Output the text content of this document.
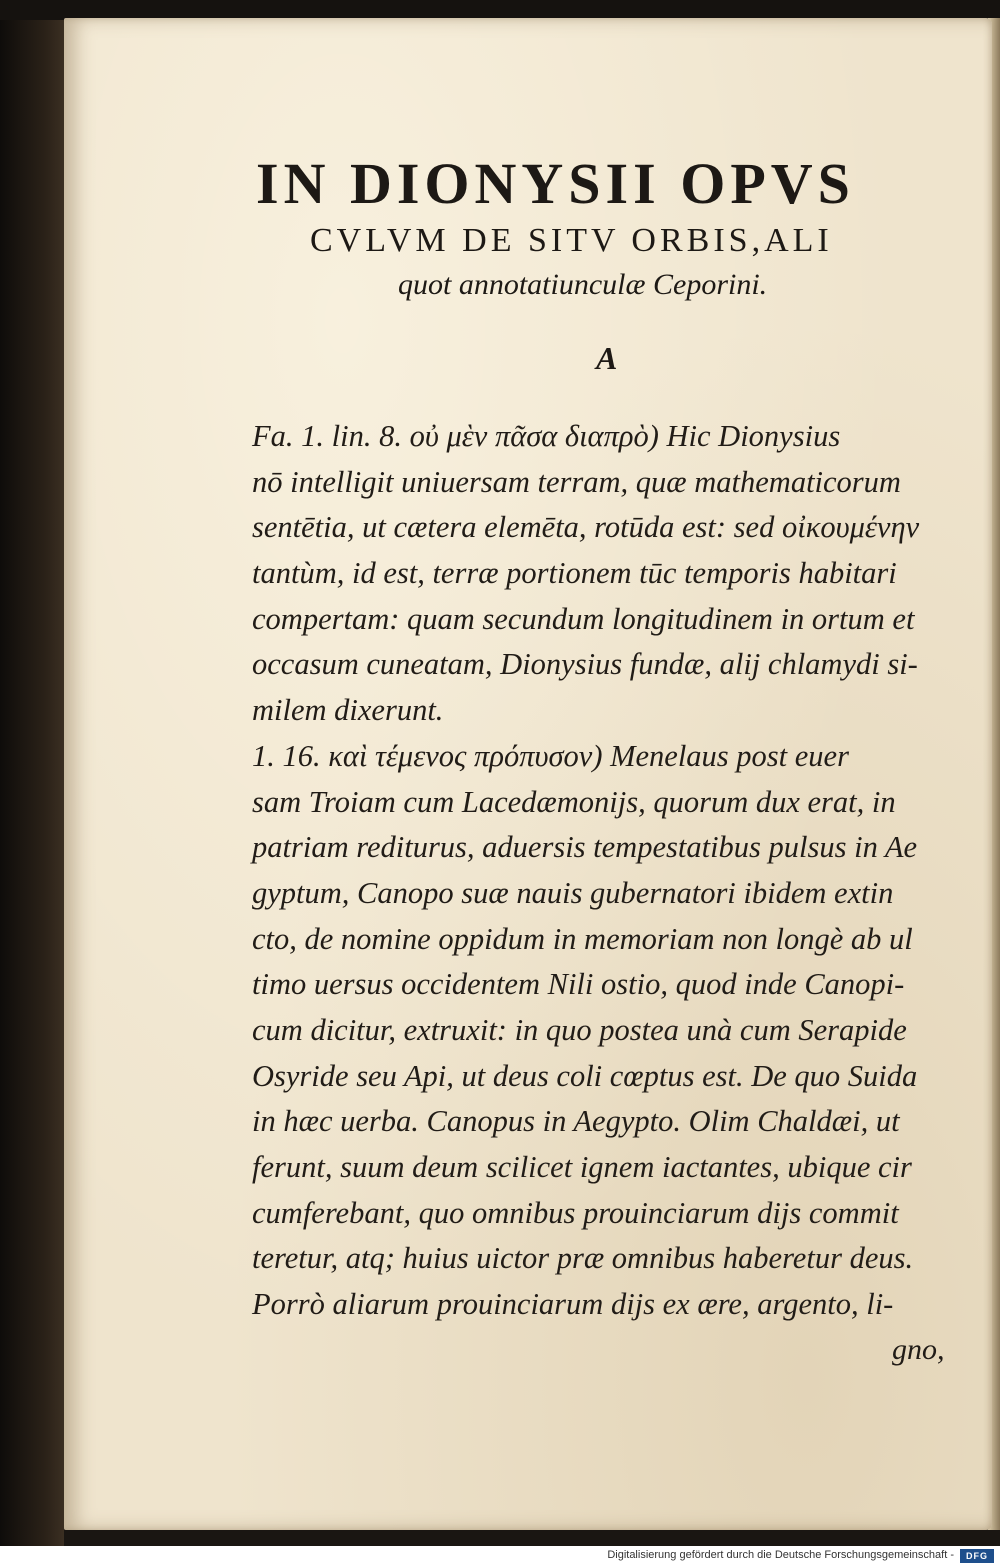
IN DIONYSII OPVS
CVLVM DE SITV ORBIS,ALI
quot annotatiunculæ Ceporini.
A
Fa. 1. lin. 8. οὐ μὲν πᾶσα διαπρὸ) Hic Dionysius
nō intelligit uniuersam terram, quæ mathematicorum
sentētia, ut cætera elemēta, rotūda est: sed οἰκουμένην
tantùm, id est, terræ portionem tūc temporis habitari
compertam: quam secundum longitudinem in ortum et
occasum cuneatam, Dionysius fundæ, alij chlamydi si-
milem dixerunt.
1. 16. καὶ τέμενος πρόπυσον) Menelaus post euer
sam Troiam cum Lacedæmonijs, quorum dux erat, in
patriam rediturus, aduersis tempestatibus pulsus in Ae
gyptum, Canopo suæ nauis gubernatori ibidem extin
cto, de nomine oppidum in memoriam non longè ab ul
timo uersus occidentem Nili ostio, quod inde Canopi-
cum dicitur, extruxit: in quo postea unà cum Serapide
Osyride seu Api, ut deus coli cœptus est. De quo Suida
in hæc uerba. Canopus in Aegypto. Olim Chaldæi, ut
ferunt, suum deum scilicet ignem iactantes, ubique cir
cumferebant, quo omnibus prouinciarum dijs commit
teretur, atq; huius uictor præ omnibus haberetur deus.
Porrò aliarum prouinciarum dijs ex ære, argento, li-
gno,
Digitalisierung gefördert durch die Deutsche Forschungsgemeinschaft -	DFG
